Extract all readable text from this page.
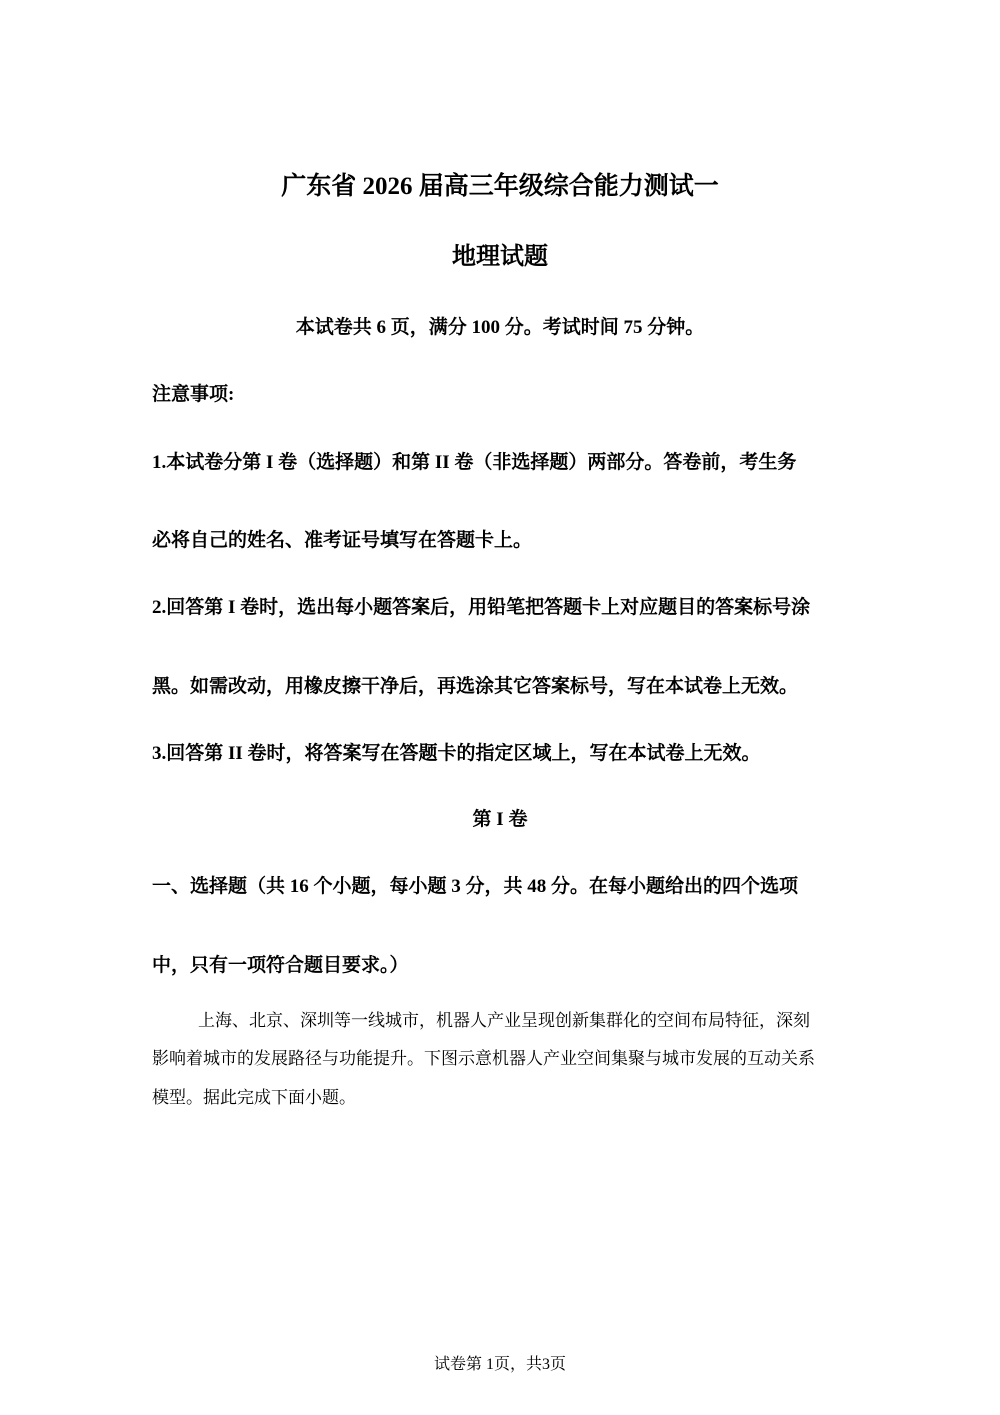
广东省 2026 届高三年级综合能力测试一
地理试题
本试卷共 6 页，满分 100 分。考试时间 75 分钟。
注意事项:
1.本试卷分第 I 卷（选择题）和第 II 卷（非选择题）两部分。答卷前，考生务
必将自己的姓名、准考证号填写在答题卡上。
2.回答第 I 卷时，选出每小题答案后，用铅笔把答题卡上对应题目的答案标号涂
黑。如需改动，用橡皮擦干净后，再选涂其它答案标号，写在本试卷上无效。
3.回答第 II 卷时，将答案写在答题卡的指定区域上，写在本试卷上无效。
第 I 卷
一、选择题（共 16 个小题，每小题 3 分，共 48 分。在每小题给出的四个选项
中，只有一项符合题目要求。）
上海、北京、深圳等一线城市，机器人产业呈现创新集群化的空间布局特征，深刻
影响着城市的发展路径与功能提升。下图示意机器人产业空间集聚与城市发展的互动关系
模型。据此完成下面小题。
试卷第 1页，共3页
